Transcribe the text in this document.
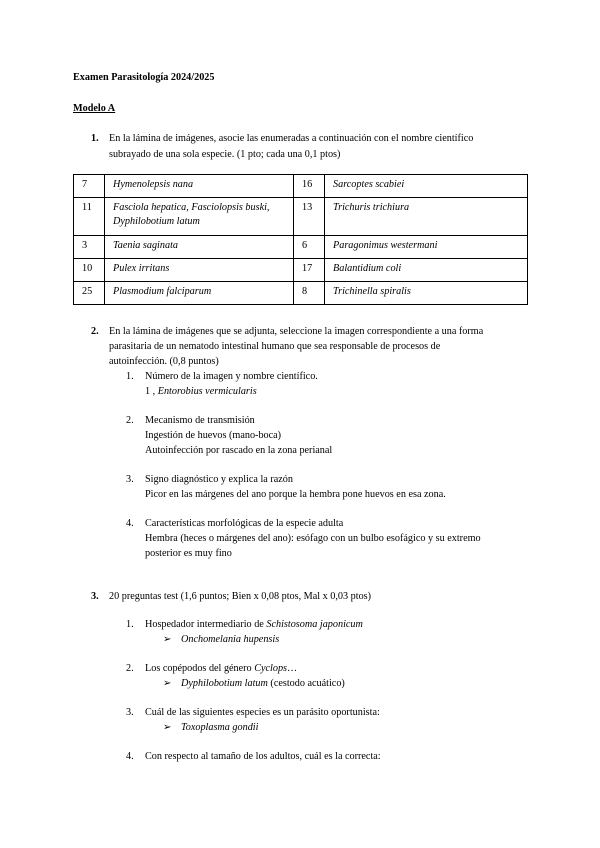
Examen Parasitología 2024/2025
Modelo A
1. En la lámina de imágenes, asocie las enumeradas a continuación con el nombre científico
subrayado de una sola especie. (1 pto; cada una 0,1 ptos)
7	Hymenolepsis nana	16	Sarcoptes scabiei
11	Fasciola hepatica, Fasciolopsis buski,
Dyphilobotium latum	13	Trichuris trichiura
3	Taenia saginata	6	Paragonimus westermani
10	Pulex irritans	17	Balantidium coli
25	Plasmodium falciparum	8	Trichinella spiralis
2. En la lámina de imágenes que se adjunta, seleccione la imagen correspondiente a una forma
parasitaria de un nematodo intestinal humano que sea responsable de procesos de
autoinfección. (0,8 puntos)
1. Número de la imagen y nombre científico.
1 , Entorobius vermicularis
2. Mecanismo de transmisión
Ingestión de huevos (mano-boca)
Autoinfección por rascado en la zona perianal
3. Signo diagnóstico y explica la razón
Picor en las márgenes del ano porque la hembra pone huevos en esa zona.
4. Características morfológicas de la especie adulta
Hembra (heces o márgenes del ano): esófago con un bulbo esofágico y su extremo
posterior es muy fino
3. 20 preguntas test (1,6 puntos; Bien x 0,08 ptos, Mal x 0,03 ptos)
1. Hospedador intermediario de Schistosoma japonicum
➢ Onchomelania hupensis
2. Los copépodos del género Cyclops…
➢ Dyphilobotium latum (cestodo acuático)
3. Cuál de las siguientes especies es un parásito oportunista:
➢ Toxoplasma gondii
4. Con respecto al tamaño de los adultos, cuál es la correcta:
